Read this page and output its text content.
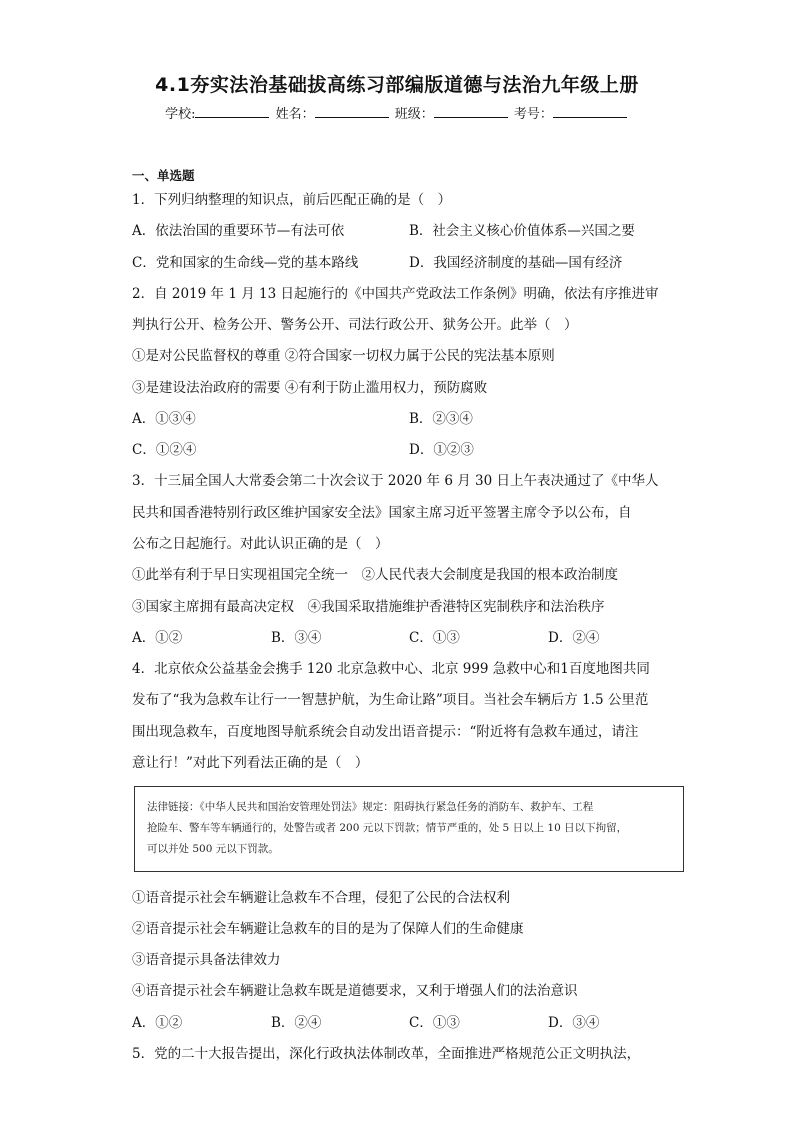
4.1夯实法治基础拔高练习部编版道德与法治九年级上册
学校:	姓名：	班级：	考号：
一、单选题
1．下列归纳整理的知识点，前后匹配正确的是（　）
A．依法治国的重要环节—有法可依	B．社会主义核心价值体系—兴国之要
C．党和国家的生命线—党的基本路线	D．我国经济制度的基础—国有经济
2．自 2019 年 1 月 13 日起施行的《中国共产党政法工作条例》明确，依法有序推进审
判执行公开、检务公开、警务公开、司法行政公开、狱务公开。此举（　）
①是对公民监督权的尊重 ②符合国家一切权力属于公民的宪法基本原则
③是建设法治政府的需要 ④有利于防止滥用权力，预防腐败
A．①③④	B．②③④
C．①②④	D．①②③
3．十三届全国人大常委会第二十次会议于 2020 年 6 月 30 日上午表决通过了《中华人
民共和国香港特别行政区维护国家安全法》国家主席习近平签署主席令予以公布，自
公布之日起施行。对此认识正确的是（　）
①此举有利于早日实现祖国完全统一　②人民代表大会制度是我国的根本政治制度
③国家主席拥有最高决定权　④我国采取措施维护香港特区宪制秩序和法治秩序
A．①②	B．③④	C．①③	D．②④
4．北京依众公益基金会携手 120 北京急救中心、北京 999 急救中心和1百度地图共同
发布了“我为急救车让行一一智慧护航，为生命让路”项目。当社会车辆后方 1.5 公里范
围出现急救车，百度地图导航系统会自动发出语音提示：“附近将有急救车通过，请注
意让行！”对此下列看法正确的是（　）
法律链接：《中华人民共和国治安管理处罚法》规定：阻碍执行紧急任务的消防车、救护车、工程
抢险车、警车等车辆通行的，处警告或者 200 元以下罚款；情节严重的，处 5 日以上 10 日以下拘留，
可以并处 500 元以下罚款。
①语音提示社会车辆避让急救车不合理，侵犯了公民的合法权利
②语音提示社会车辆避让急救车的目的是为了保障人们的生命健康
③语音提示具备法律效力
④语音提示社会车辆避让急救车既是道德要求，又利于增强人们的法治意识
A．①②	B．②④	C．①③	D．③④
5．党的二十大报告提出，深化行政执法体制改革，全面推进严格规范公正文明执法，
